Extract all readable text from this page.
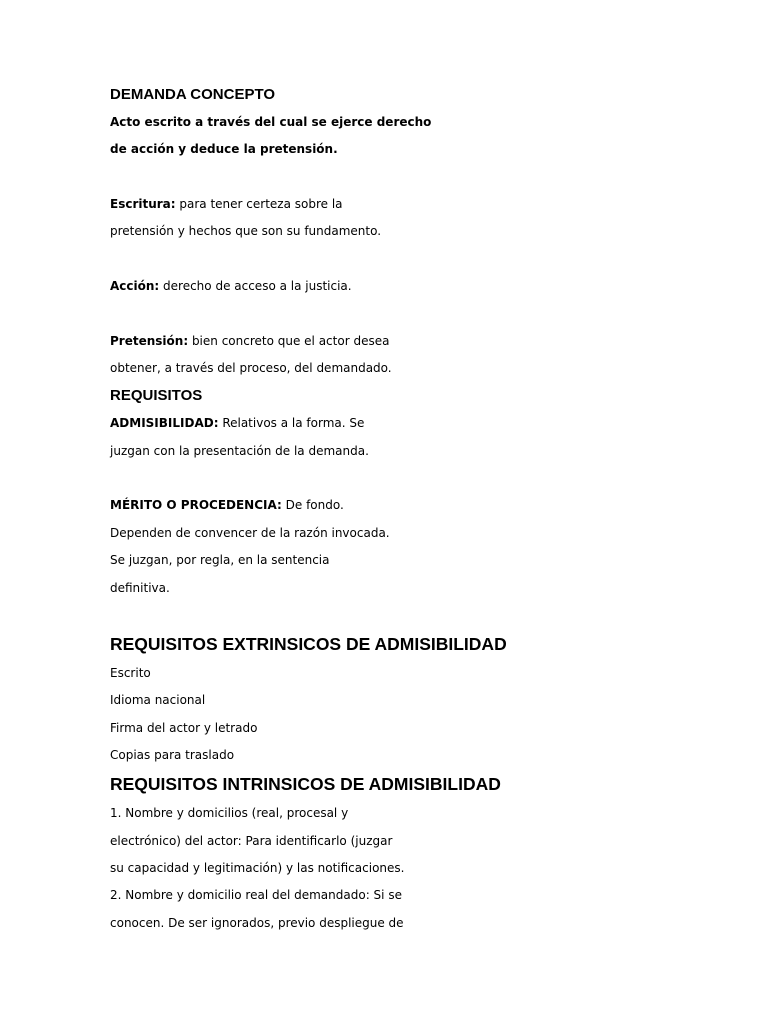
DEMANDA CONCEPTO
Acto escrito a través del cual se ejerce derecho
de acción y deduce la pretensión.
Escritura: para tener certeza sobre la
pretensión y hechos que son su fundamento.
Acción: derecho de acceso a la justicia.
Pretensión: bien concreto que el actor desea
obtener, a través del proceso, del demandado.
REQUISITOS
ADMISIBILIDAD: Relativos a la forma. Se
juzgan con la presentación de la demanda.
MÉRITO O PROCEDENCIA: De fondo.
Dependen de convencer de la razón invocada.
Se juzgan, por regla, en la sentencia
definitiva.
REQUISITOS EXTRINSICOS DE ADMISIBILIDAD
Escrito
Idioma nacional
Firma del actor y letrado
Copias para traslado
REQUISITOS INTRINSICOS DE ADMISIBILIDAD
1. Nombre y domicilios (real, procesal y
electrónico) del actor: Para identificarlo (juzgar
su capacidad y legitimación) y las notificaciones.
2. Nombre y domicilio real del demandado: Si se
conocen. De ser ignorados, previo despliegue de
